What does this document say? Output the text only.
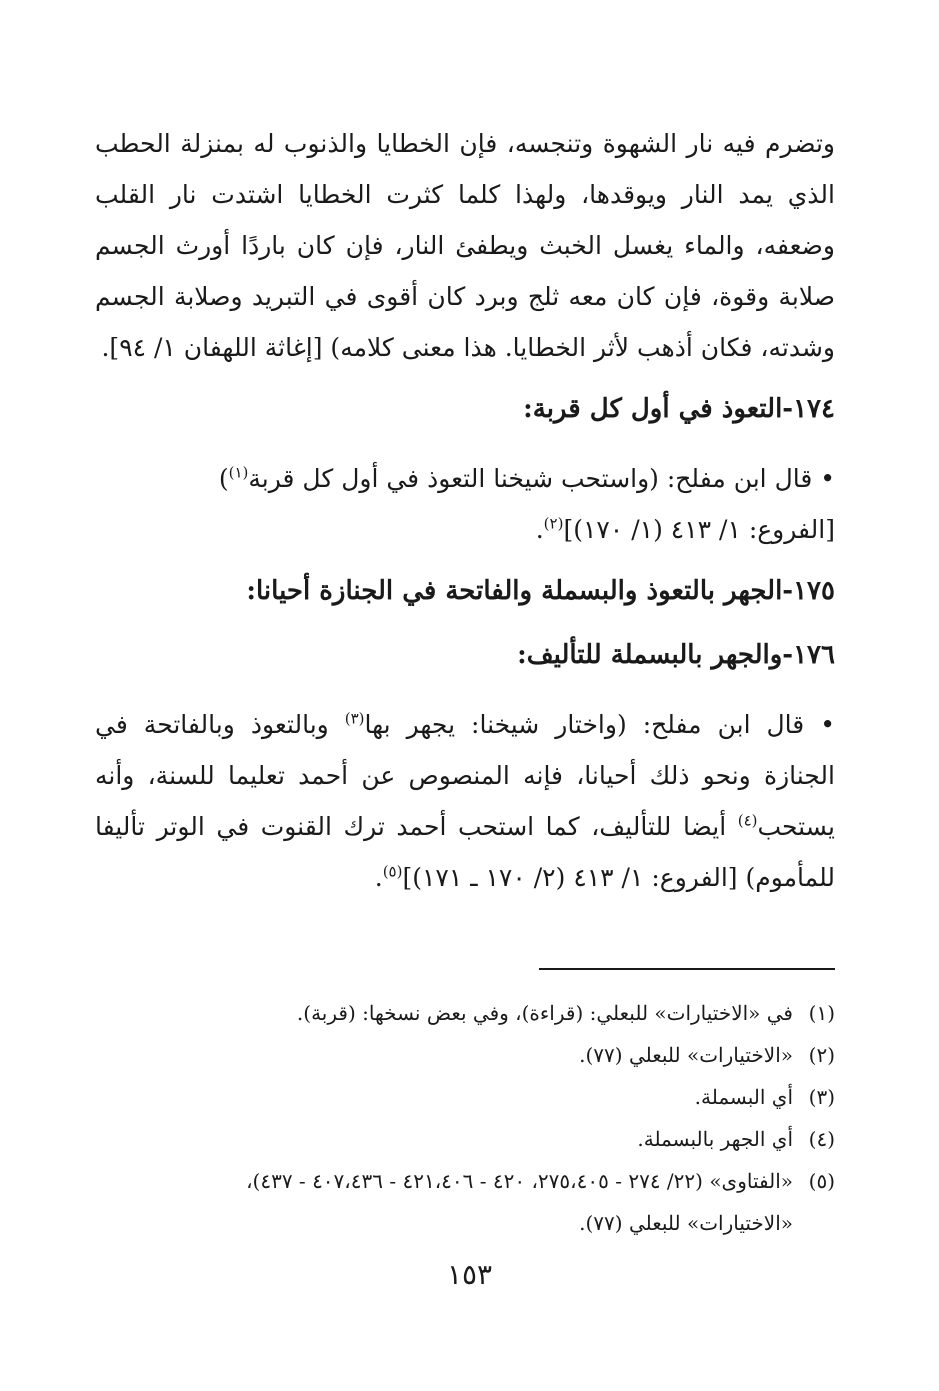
وتضرم فيه نار الشهوة وتنجسه، فإن الخطايا والذنوب له بمنزلة الحطب
الذي يمد النار ويوقدها، ولهذا كلما كثرت الخطايا اشتدت نار القلب
وضعفه، والماء يغسل الخبث ويطفئ النار، فإن كان باردًا أورث الجسم
صلابة وقوة، فإن كان معه ثلج وبرد كان أقوى في التبريد وصلابة الجسم
وشدته، فكان أذهب لأثر الخطايا. هذا معنى كلامه) [إغاثة اللهفان ١/ ٩٤].
١٧٤-التعوذ في أول كل قربة:
• قال ابن مفلح: (واستحب شيخنا التعوذ في أول كل قربة$^{(١)}$)
[الفروع: ١/ ٤١٣ (١/ ١٧٠)]$^{(٢)}$.
١٧٥-الجهر بالتعوذ والبسملة والفاتحة في الجنازة أحيانا:
١٧٦-والجهر بالبسملة للتأليف:
• قال ابن مفلح: (واختار شيخنا: يجهر بها$^{(٣)}$ وبالتعوذ وبالفاتحة في
الجنازة ونحو ذلك أحيانا، فإنه المنصوص عن أحمد تعليما للسنة، وأنه
يستحب$^{(٤)}$ أيضا للتأليف، كما استحب أحمد ترك القنوت في الوتر تأليفا
للمأموم) [الفروع: ١/ ٤١٣ (٢/ ١٧٠ ـ ١٧١)]$^{(٥)}$.
(١)في «الاختيارات» للبعلي: (قراءة)، وفي بعض نسخها: (قربة).
(٢)«الاختيارات» للبعلي (٧٧).
(٣)أي البسملة.
(٤)أي الجهر بالبسملة.
(٥)«الفتاوى» (٢٢/ ٢٧٤ - ٢٧٥،٤٠٥، ٤٢٠ - ٤٢١،٤٠٦ - ٤٠٧،٤٣٦ - ٤٣٧)،
«الاختيارات» للبعلي (٧٧).
١٥٣
